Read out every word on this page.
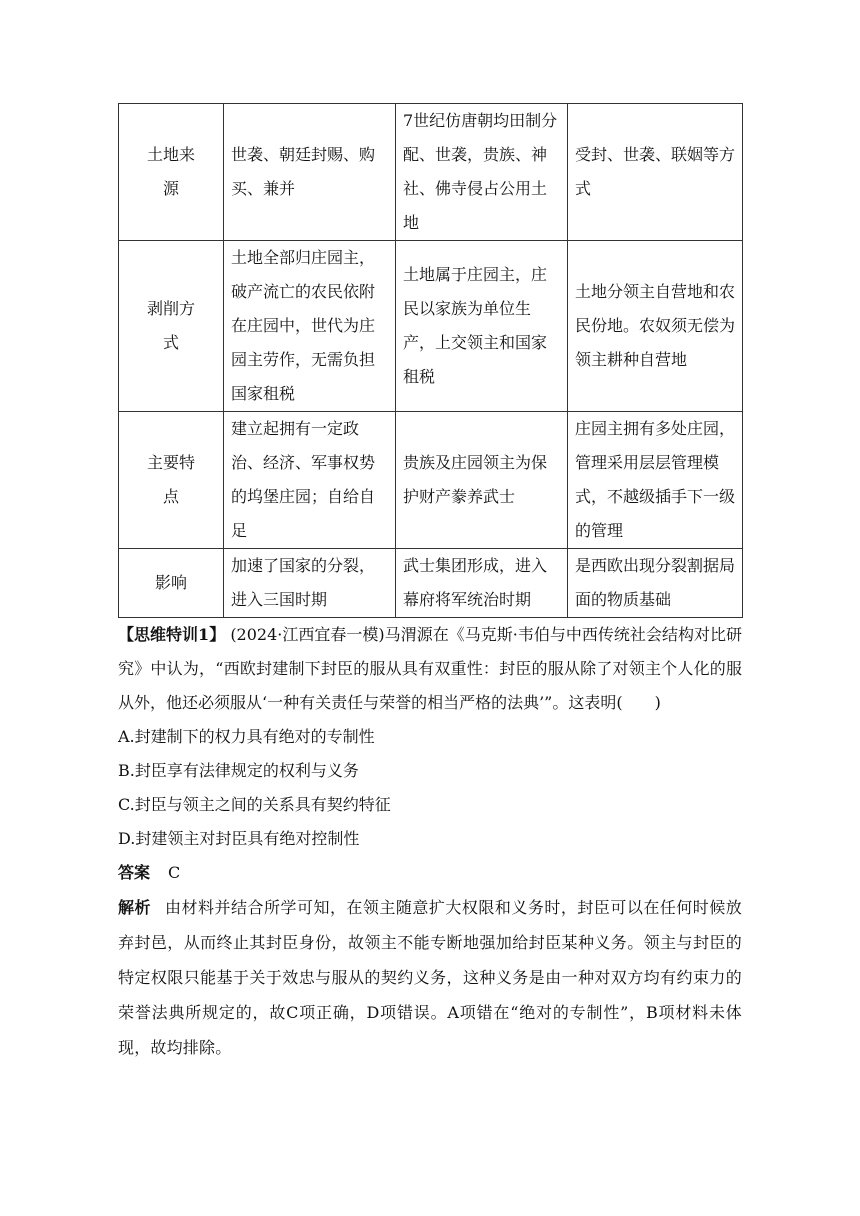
土地来源	世袭、朝廷封赐、购买、兼并	7世纪仿唐朝均田制分配、世袭，贵族、神社、佛寺侵占公用土地	受封、世袭、联姻等方式
剥削方式	土地全部归庄园主，破产流亡的农民依附在庄园中，世代为庄园主劳作，无需负担国家租税	土地属于庄园主，庄民以家族为单位生产，上交领主和国家租税	土地分领主自营地和农民份地。农奴须无偿为领主耕种自营地
主要特点	建立起拥有一定政治、经济、军事权势的坞堡庄园；自给自足	贵族及庄园领主为保护财产豢养武士	庄园主拥有多处庄园，管理采用层层管理模式，不越级插手下一级的管理
影响	加速了国家的分裂，进入三国时期	武士集团形成，进入幕府将军统治时期	是西欧出现分裂割据局面的物质基础

【思维特训1】 (2024·江西宜春一模)马渭源在《马克斯·韦伯与中西传统社会结构对比研究》中认为，“西欧封建制下封臣的服从具有双重性：封臣的服从除了对领主个人化的服从外，他还必须服从‘一种有关责任与荣誉的相当严格的法典’”。这表明(　　)

A.封建制下的权力具有绝对的专制性

B.封臣享有法律规定的权利与义务

C.封臣与领主之间的关系具有契约特征

D.封建领主对封臣具有绝对控制性

答案 C

解析 由材料并结合所学可知，在领主随意扩大权限和义务时，封臣可以在任何时候放弃封邑，从而终止其封臣身份，故领主不能专断地强加给封臣某种义务。领主与封臣的特定权限只能基于关于效忠与服从的契约义务，这种义务是由一种对双方均有约束力的荣誉法典所规定的，故C项正确，D项错误。A项错在“绝对的专制性”，B项材料未体现，故均排除。
